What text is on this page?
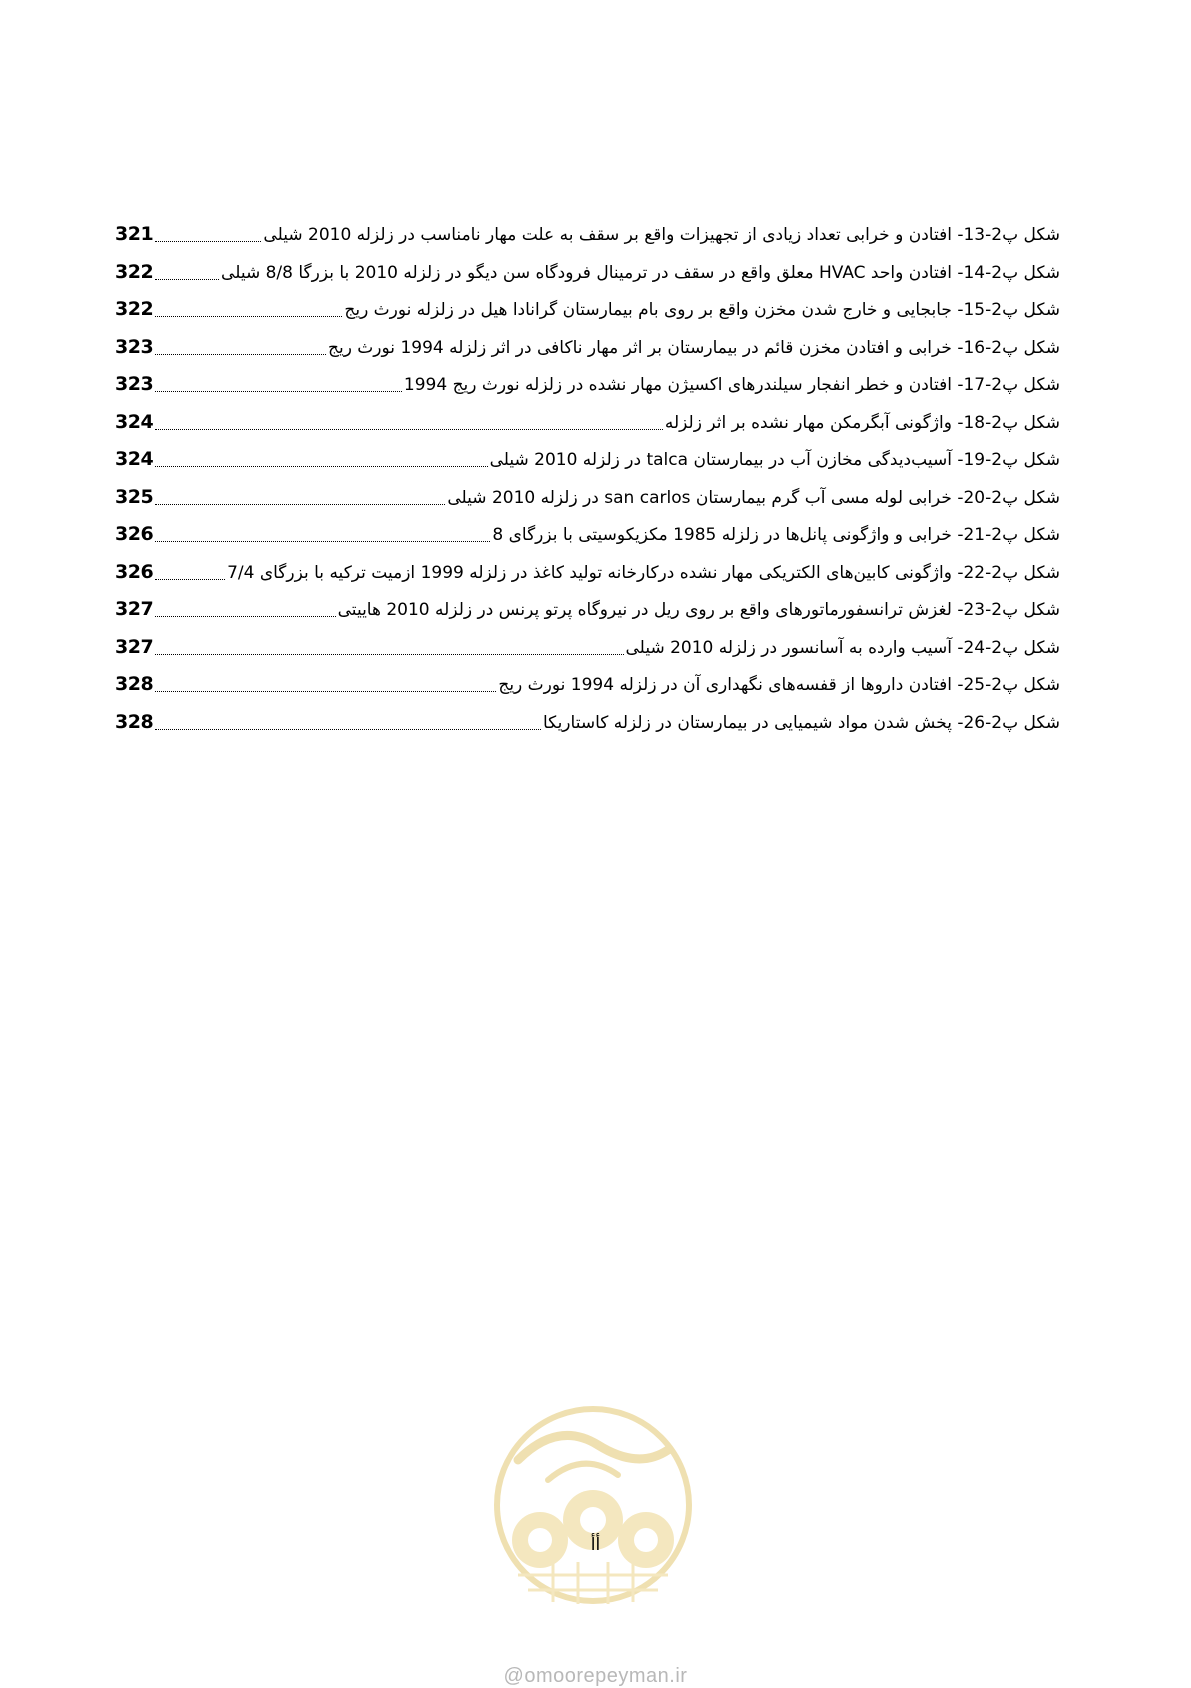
شکل پ2-13- افتادن و خرابی تعداد زیادی از تجهیزات واقع بر سقف به علت مهار نامناسب در زلزله 2010 شیلی
321
شکل پ2-14- افتادن واحد HVAC معلق واقع در سقف در ترمینال فرودگاه سن دیگو در زلزله 2010 با بزرگا 8/8 شیلی
322
شکل پ2-15- جابجایی و خارج شدن مخزن واقع بر روی بام بیمارستان گرانادا هیل در زلزله نورث ریج
322
شکل پ2-16- خرابی و افتادن مخزن قائم در بیمارستان بر اثر مهار ناکافی در اثر زلزله 1994 نورث ریج
323
شکل پ2-17- افتادن و خطر انفجار سیلندرهای اکسیژن مهار نشده در زلزله نورث ریج 1994
323
شکل پ2-18- واژگونی آبگرمکن مهار نشده بر اثر زلزله
324
شکل پ2-19- آسیب‌دیدگی مخازن آب در بیمارستان talca در زلزله 2010 شیلی
324
شکل پ2-20- خرابی لوله مسی آب گرم بیمارستان san carlos در زلزله 2010 شیلی
325
شکل پ2-21- خرابی و واژگونی پانل‌ها در زلزله 1985 مکزیکوسیتی با بزرگای 8
326
شکل پ2-22- واژگونی کابین‌های الکتریکی مهار نشده درکارخانه تولید کاغذ در زلزله 1999 ازمیت ترکیه با بزرگای 7/4
326
شکل پ2-23- لغزش ترانسفورماتورهای واقع بر روی ریل در نیروگاه پرتو پرنس در زلزله 2010 هاییتی
327
شکل پ2-24- آسیب وارده به آسانسور در زلزله 2010 شیلی
327
شکل پ2-25- افتادن داروها از قفسه‌های نگهداری آن در زلزله 1994 نورث ریج
328
شکل پ2-26- پخش شدن مواد شیمیایی در بیمارستان در زلزله کاستاریکا
328
أأ
@omoorepeyman.ir
